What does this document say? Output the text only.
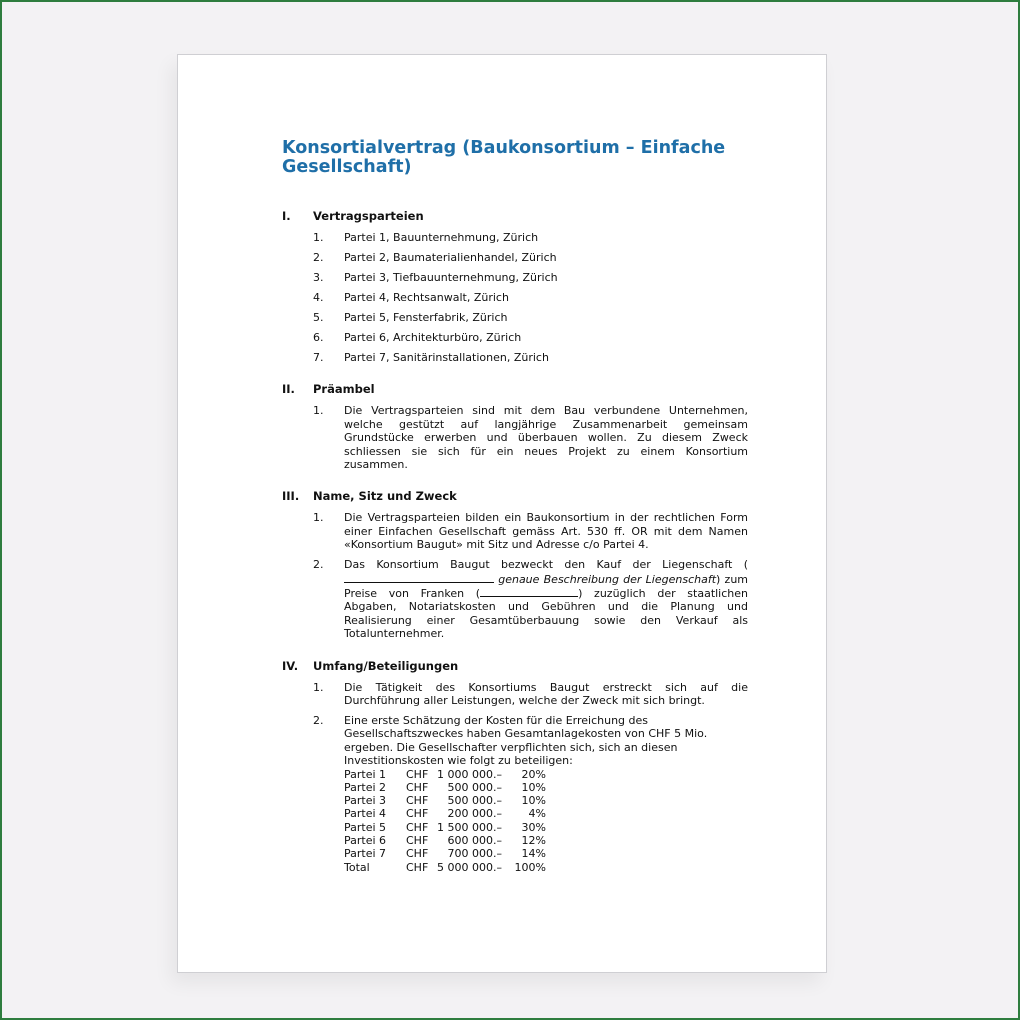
Konsortialvertrag (Baukonsortium – Einfache Gesellschaft)
I.	Vertragsparteien
1.	Partei 1, Bauunternehmung, Zürich
2.	Partei 2, Baumaterialienhandel, Zürich
3.	Partei 3, Tiefbauunternehmung, Zürich
4.	Partei 4, Rechtsanwalt, Zürich
5.	Partei 5, Fensterfabrik, Zürich
6.	Partei 6, Architekturbüro, Zürich
7.	Partei 7, Sanitärinstallationen, Zürich
II.	Präambel
1.	Die Vertragsparteien sind mit dem Bau verbundene Unternehmen, welche gestützt auf langjährige Zusammenarbeit gemeinsam Grundstücke erwerben und überbauen wollen. Zu diesem Zweck schliessen sie sich für ein neues Projekt zu einem Konsortium zusammen.
III.	Name, Sitz und Zweck
1.	Die Vertragsparteien bilden ein Baukonsortium in der rechtlichen Form einer Einfachen Gesellschaft gemäss Art. 530 ff. OR mit dem Namen «Konsortium Baugut» mit Sitz und Adresse c/o Partei 4.
2.	Das Konsortium Baugut bezweckt den Kauf der Liegenschaft ( genaue Beschreibung der Liegenschaft) zum Preise von Franken (	) zuzüglich der staatlichen Abgaben, Notariatskosten und Gebühren und die Planung und Realisierung einer Gesamtüberbauung sowie den Verkauf als Totalunternehmer.
IV.	Umfang/Beteiligungen
1.	Die Tätigkeit des Konsortiums Baugut erstreckt sich auf die Durchführung aller Leistungen, welche der Zweck mit sich bringt.
2.	Eine erste Schätzung der Kosten für die Erreichung des Gesellschaftszweckes haben Gesamtanlagekosten von CHF 5 Mio. ergeben. Die Gesellschafter verpflichten sich, sich an diesen Investitionskosten wie folgt zu beteiligen:
Partei 1	CHF 1 000 000.–	20%
Partei 2	CHF	500 000.–	10%
Partei 3	CHF	500 000.–	10%
Partei 4	CHF	200 000.–	4%
Partei 5	CHF 1 500 000.–	30%
Partei 6	CHF	600 000.–	12%
Partei 7	CHF	700 000.–	14%
Total	CHF 5 000 000.–	100%
